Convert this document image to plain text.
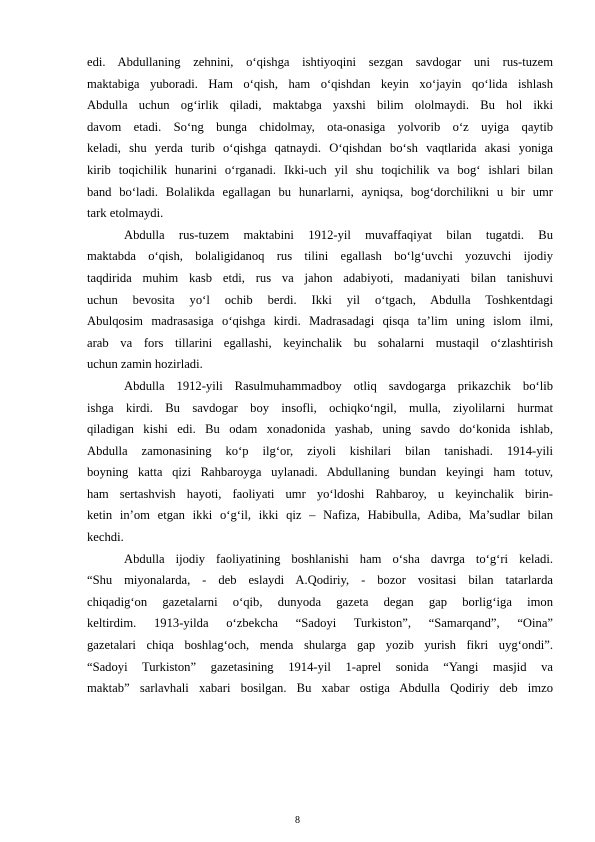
edi. Abdullaning zehnini, o‘qishga ishtiyoqini sezgan savdogar uni rus-tuzem
maktabiga yuboradi. Ham o‘qish, ham o‘qishdan keyin xo‘jayin qo‘lida ishlash
Abdulla uchun og‘irlik qiladi, maktabga yaxshi bilim ololmaydi. Bu hol ikki
davom etadi. So‘ng bunga chidolmay, ota-onasiga yolvorib o‘z uyiga qaytib
keladi, shu yerda turib o‘qishga qatnaydi. O‘qishdan bo‘sh vaqtlarida akasi yoniga
kirib toqichilik hunarini o‘rganadi. Ikki-uch yil shu toqichilik va bog‘ ishlari bilan
band bo‘ladi. Bolalikda egallagan bu hunarlarni, ayniqsa, bog‘dorchilikni u bir umr
tark etolmaydi.
Abdulla rus-tuzem maktabini 1912-yil muvaffaqiyat bilan tugatdi. Bu
maktabda o‘qish, bolaligidanoq rus tilini egallash bo‘lg‘uvchi yozuvchi ijodiy
taqdirida muhim kasb etdi, rus va jahon adabiyoti, madaniyati bilan tanishuvi
uchun bevosita yo‘l ochib berdi. Ikki yil o‘tgach, Abdulla Toshkentdagi
Abulqosim madrasasiga o‘qishga kirdi. Madrasadagi qisqa ta’lim uning islom ilmi,
arab va fors tillarini egallashi, keyinchalik bu sohalarni mustaqil o‘zlashtirish
uchun zamin hozirladi.
Abdulla 1912-yili Rasulmuhammadboy otliq savdogarga prikazchik bo‘lib
ishga kirdi. Bu savdogar boy insofli, ochiqko‘ngil, mulla, ziyolilarni hurmat
qiladigan kishi edi. Bu odam xonadonida yashab, uning savdo do‘konida ishlab,
Abdulla zamonasining ko‘p ilg‘or, ziyoli kishilari bilan tanishadi. 1914-yili
boyning katta qizi Rahbaroyga uylanadi. Abdullaning bundan keyingi ham totuv,
ham sertashvish hayoti, faoliyati umr yo‘ldoshi Rahbaroy, u keyinchalik birin-
ketin in’om etgan ikki o‘g‘il, ikki qiz – Nafiza, Habibulla, Adiba, Ma’sudlar bilan
kechdi.
Abdulla ijodiy faoliyatining boshlanishi ham o‘sha davrga to‘g‘ri keladi.
“Shu miyonalarda, - deb eslaydi A.Qodiriy, - bozor vositasi bilan tatarlarda
chiqadig‘on gazetalarni o‘qib, dunyoda gazeta degan gap borlig‘iga imon
keltirdim. 1913-yilda o‘zbekcha “Sadoyi Turkiston”, “Samarqand”, “Oina”
gazetalari chiqa boshlag‘och, menda shularga gap yozib yurish fikri uyg‘ondi”.
“Sadoyi Turkiston” gazetasining 1914-yil 1-aprel sonida “Yangi masjid va
maktab” sarlavhali xabari bosilgan. Bu xabar ostiga Abdulla Qodiriy deb imzo
8
